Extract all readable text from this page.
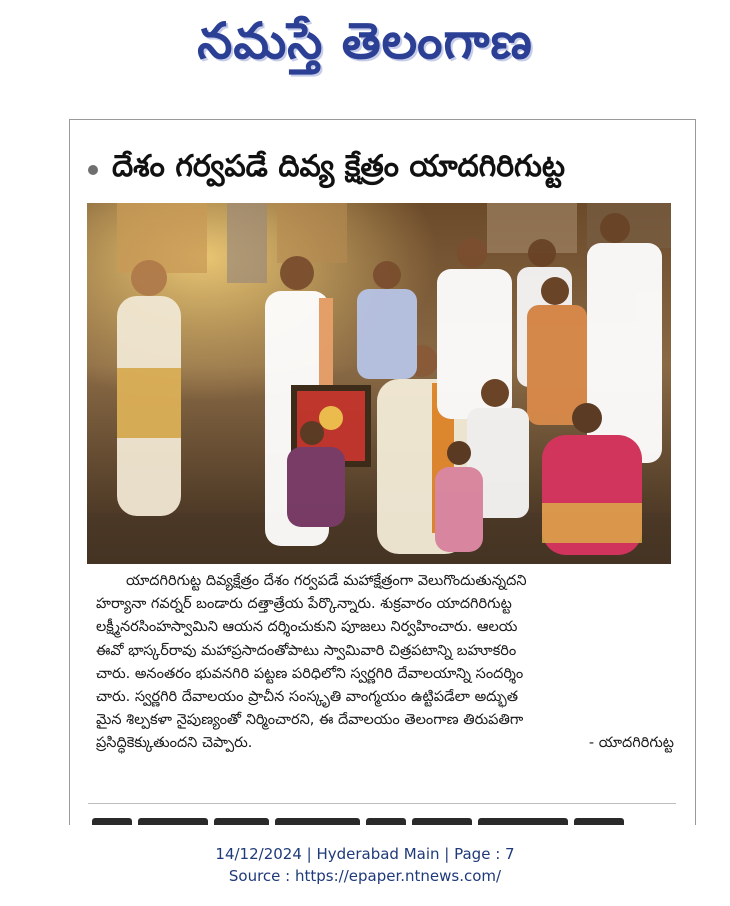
నమస్తే తెలంగాణ
దేశం గర్వపడే దివ్య క్షేత్రం యాదగిరిగుట్ట
యాదగిరిగుట్ట దివ్యక్షేత్రం దేశం గర్వపడే మహాక్షేత్రంగా వెలుగొందుతున్నదని
హర్యానా గవర్నర్ బండారు దత్తాత్రేయ పేర్కొన్నారు. శుక్రవారం యాదగిరిగుట్ట
లక్ష్మీనరసింహస్వామిని ఆయన దర్శించుకుని పూజలు నిర్వహించారు. ఆలయ
ఈవో భాస్కర్‌రావు మహాప్రసాదంతోపాటు స్వామివారి చిత్రపటాన్ని బహూకరిం
చారు. అనంతరం భువనగిరి పట్టణ పరిధిలోని స్వర్ణగిరి దేవాలయాన్ని సందర్శిం
చారు. స్వర్ణగిరి దేవాలయం ప్రాచీన సంస్కృతి వాంగ్మయం ఉట్టిపడేలా అద్భుత
మైన శిల్పకళా నైపుణ్యంతో నిర్మించారని, ఈ దేవాలయం తెలంగాణ తిరుపతిగా
ప్రసిద్ధికెక్కుతుందని చెప్పారు.	- యాదగిరిగుట్ట
14/12/2024 | Hyderabad Main | Page : 7
Source : https://epaper.ntnews.com/
